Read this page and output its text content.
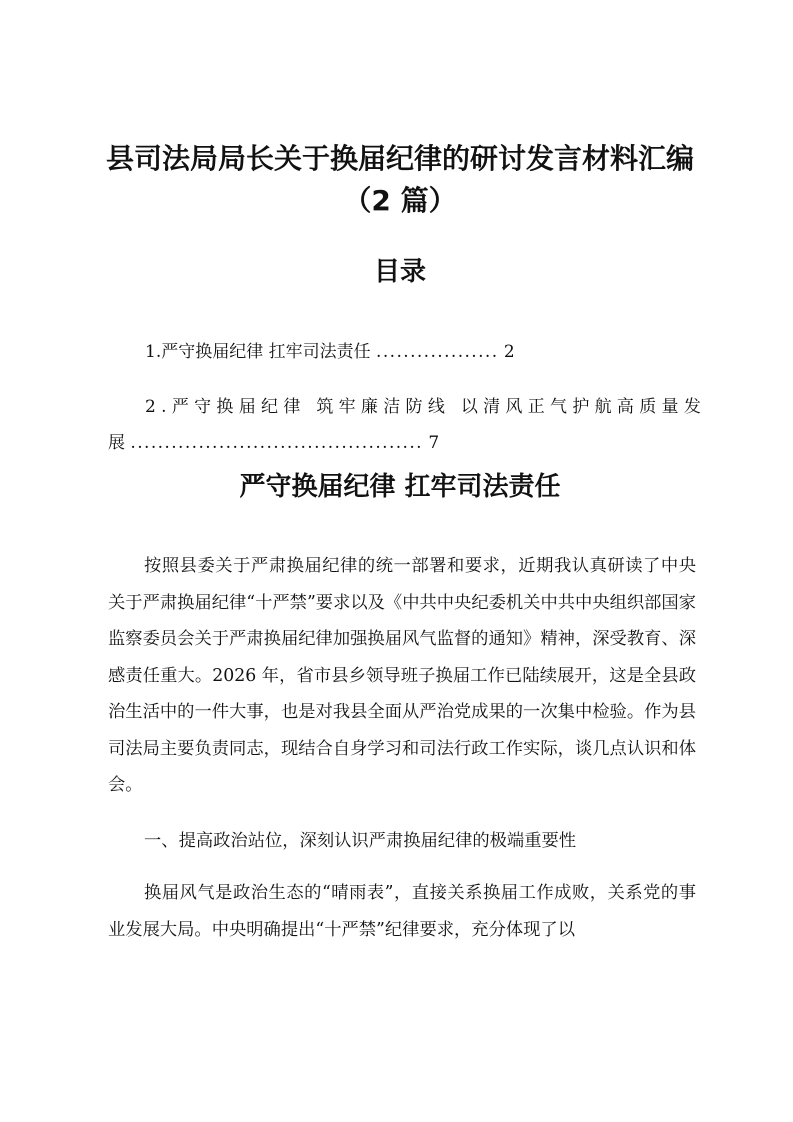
县司法局局长关于换届纪律的研讨发言材料汇编（2 篇）
目录
1.严守换届纪律 扛牢司法责任 .................. 2
2.严守换届纪律 筑牢廉洁防线 以清风正气护航高质量发
展 ........................................... 7
严守换届纪律 扛牢司法责任

按照县委关于严肃换届纪律的统一部署和要求，近期我认真研读了中央关于严肃换届纪律“十严禁”要求以及《中共中央纪委机关中共中央组织部国家监察委员会关于严肃换届纪律加强换届风气监督的通知》精神，深受教育、深感责任重大。2026 年，省市县乡领导班子换届工作已陆续展开，这是全县政治生活中的一件大事，也是对我县全面从严治党成果的一次集中检验。作为县司法局主要负责同志，现结合自身学习和司法行政工作实际，谈几点认识和体会。

一、提高政治站位，深刻认识严肃换届纪律的极端重要性

换届风气是政治生态的“晴雨表”，直接关系换届工作成败，关系党的事业发展大局。中央明确提出“十严禁”纪律要求，充分体现了以
